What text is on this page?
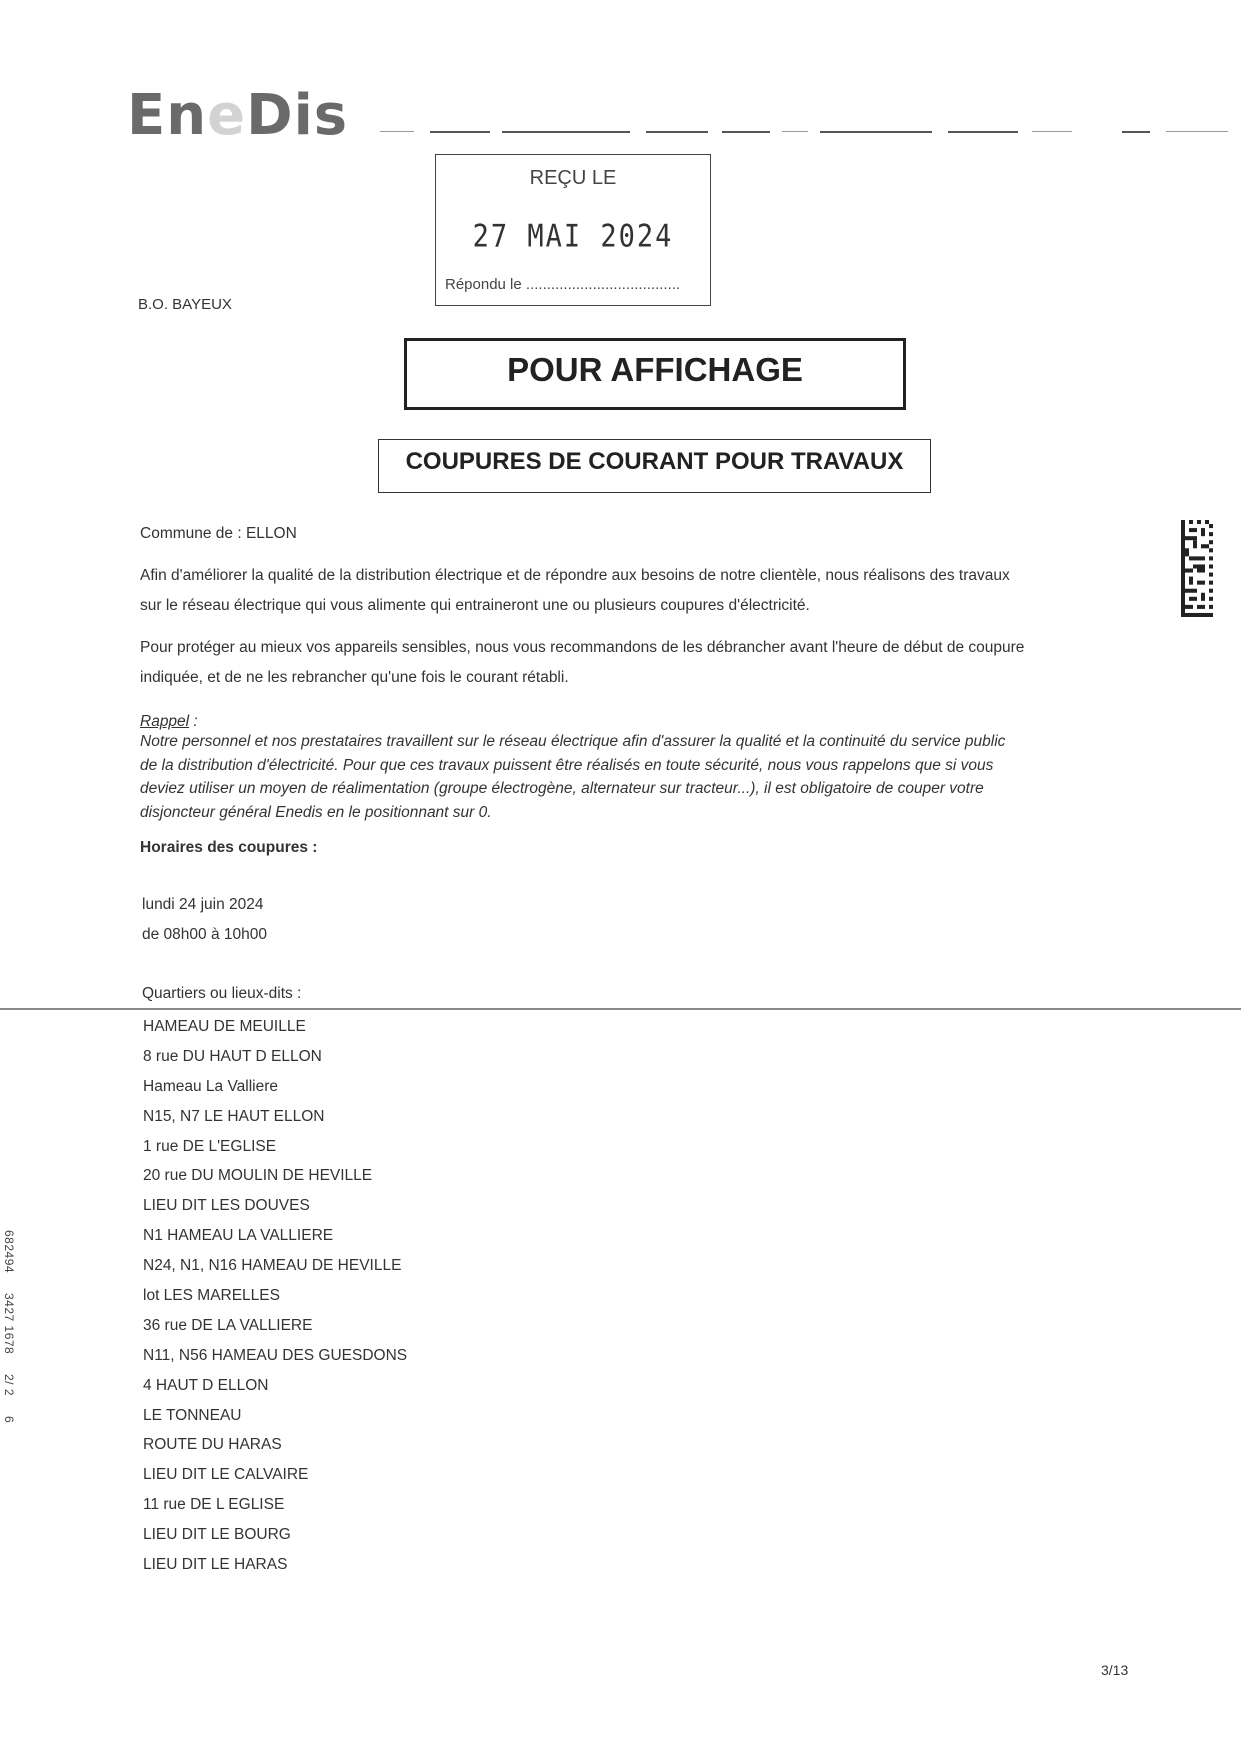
EneDis
REÇU LE
27 MAI 2024
Répondu le .....................................
B.O. BAYEUX
POUR AFFICHAGE
COUPURES DE COURANT POUR TRAVAUX
Commune de : ELLON
Afin d'améliorer la qualité de la distribution électrique et de répondre aux besoins de notre clientèle, nous réalisons des travaux
sur le réseau électrique qui vous alimente qui entraineront une ou plusieurs coupures d'électricité.
Pour protéger au mieux vos appareils sensibles, nous vous recommandons de les débrancher avant l'heure de début de coupure
indiquée, et de ne les rebrancher qu'une fois le courant rétabli.
Rappel :
Notre personnel et nos prestataires travaillent sur le réseau électrique afin d'assurer la qualité et la continuité du service public
de la distribution d'électricité. Pour que ces travaux puissent être réalisés en toute sécurité, nous vous rappelons que si vous
deviez utiliser un moyen de réalimentation (groupe électrogène, alternateur sur tracteur...), il est obligatoire de couper votre
disjoncteur général Enedis en le positionnant sur 0.
Horaires des coupures :
lundi 24 juin 2024
de 08h00 à 10h00
Quartiers ou lieux-dits :
HAMEAU DE MEUILLE
8 rue DU HAUT D ELLON
Hameau La Valliere
N15, N7 LE HAUT ELLON
1 rue DE L'EGLISE
20 rue DU MOULIN DE HEVILLE
LIEU DIT LES DOUVES
N1 HAMEAU LA VALLIERE
N24, N1, N16 HAMEAU DE HEVILLE
lot LES MARELLES
36 rue DE LA VALLIERE
N11, N56 HAMEAU DES GUESDONS
4 HAUT D ELLON
LE TONNEAU
ROUTE DU HARAS
LIEU DIT LE CALVAIRE
11 rue DE L EGLISE
LIEU DIT LE BOURG
LIEU DIT LE HARAS
682494 3427 1678 2/ 2 6
3/13
